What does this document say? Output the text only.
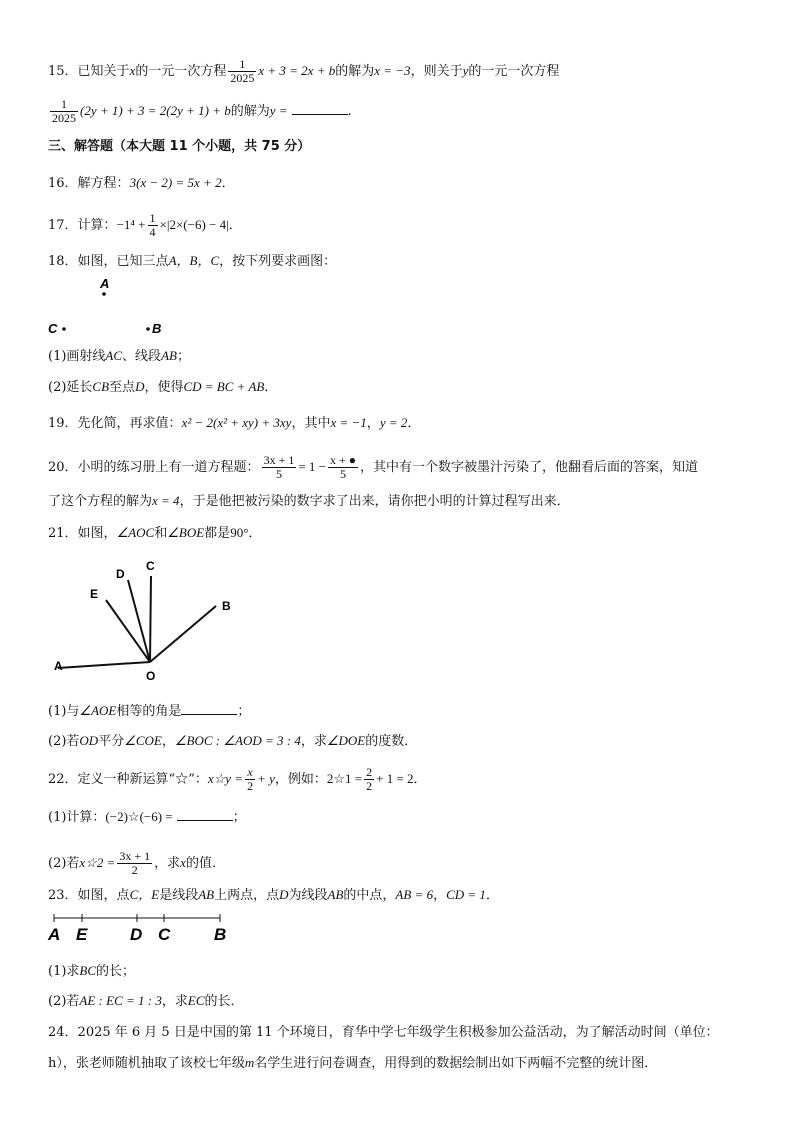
15．已知关于x的一元一次方程 $\frac{1}{2025}$ x + 3 = 2x + b的解为x = −3，则关于y的一元一次方程
$\frac{1}{2025} (2y + 1) + 3 = 2(2y + 1) + b$的解为y =	.
三、解答题（本大题 11 个小题，共 75 分）
16．解方程：3(x − 2) = 5x + 2．
17．计算：$-1^4 + \frac{1}{4} \times|2\times(-6) - 4|$．
18．如图，已知三点A，B，C，按下列要求画图：
A
C	B
(1)画射线AC、线段AB；
(2)延长CB至点D，使得CD = BC + AB．
19．先化简，再求值：x² − 2(x² + xy) + 3xy，其中x = −1，y = 2．
20．小明的练习册上有一道方程题： $\frac{3x + 1}{5} = 1 - \frac{x + ●}{5}$ ，其中有一个数字被墨汁污染了，他翻看后面的答案，知道
了这个方程的解为x = 4，于是他把被污染的数字求了出来，请你把小明的计算过程写出来．
21．如图，∠AOC和∠BOE都是90°．
A
C
D
E
B
O
(1)与∠AOE相等的角是	；
(2)若OD平分∠COE，∠BOC : ∠AOD = 3 : 4，求∠DOE的度数．
22．定义一种新运算“☆”：x☆y = $\frac{x}{2} + y$，例如：2☆1 = $\frac{2}{2} + 1 = 2$．
(1)计算：(−2)☆(−6) =	；
(2)若x☆2 = $\frac{3x + 1}{2}$ ，求x的值．
23．如图，点C，E是线段AB上两点，点D为线段AB的中点，AB = 6，CD = 1．
A E	D C	B
(1)求BC的长；
(2)若AE : EC = 1 : 3，求EC的长．
24．2025 年 6 月 5 日是中国的第 11 个环境日，育华中学七年级学生积极参加公益活动，为了解活动时间（单位：
h），张老师随机抽取了该校七年级m名学生进行问卷调查，用得到的数据绘制出如下两幅不完整的统计图．
